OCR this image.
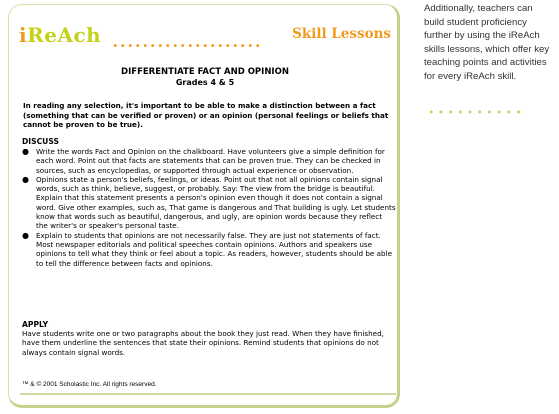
iReAch .................... Skill Lessons
DIFFERENTIATE FACT AND OPINION
Grades 4 & 5
In reading any selection, it's important to be able to make a distinction between a fact (something that can be verified or proven) or an opinion (personal feelings or beliefs that cannot be proven to be true).
DISCUSS
● Write the words Fact and Opinion on the chalkboard. Have volunteers give a simple definition for each word. Point out that facts are statements that can be proven true. They can be checked in sources, such as encyclopedias, or supported through actual experience or observation.
● Opinions state a person's beliefs, feelings, or ideas. Point out that not all opinions contain signal words, such as think, believe, suggest, or probably. Say: The view from the bridge is beautiful. Explain that this statement presents a person's opinion even though it does not contain a signal word. Give other examples, such as, That game is dangerous and That building is ugly. Let students know that words such as beautiful, dangerous, and ugly, are opinion words because they reflect the writer's or speaker's personal taste.
● Explain to students that opinions are not necessarily false. They are just not statements of fact. Most newspaper editorials and political speeches contain opinions. Authors and speakers use opinions to tell what they think or feel about a topic. As readers, however, students should be able to tell the difference between facts and opinions.
APPLY
Have students write one or two paragraphs about the book they just read. When they have finished, have them underline the sentences that state their opinions. Remind students that opinions do not always contain signal words.
™ & © 2001 Scholastic Inc. All rights reserved.
Additionally, teachers can build student proficiency further by using the iReAch skills lessons, which offer key teaching points and activities for every iReAch skill.
••••••••••
